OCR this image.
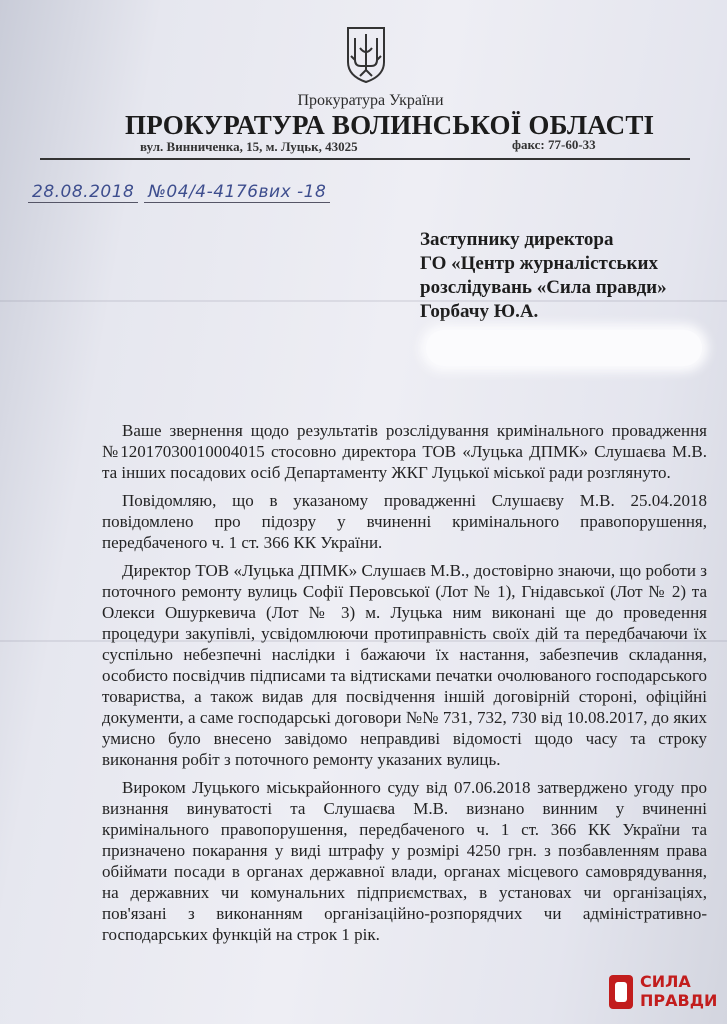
Прокуратура України
ПРОКУРАТУРА ВОЛИНСЬКОЇ ОБЛАСТІ
вул. Винниченка, 15, м. Луцьк, 43025	факс: 77-60-33
28.08.2018 №04/4-4176вих -18
Заступнику директора
ГО «Центр журналістських
розслідувань «Сила правди»
Горбачу Ю.А.

Ваше звернення щодо результатів розслідування кримінального провадження №12017030010004015 стосовно директора ТОВ «Луцька ДПМК» Слушаєва М.В. та інших посадових осіб Департаменту ЖКГ Луцької міської ради розглянуто.

Повідомляю, що в указаному провадженні Слушаєву М.В. 25.04.2018 повідомлено про підозру у вчиненні кримінального правопорушення, передбаченого ч. 1 ст. 366 КК України.

Директор ТОВ «Луцька ДПМК» Слушаєв М.В., достовірно знаючи, що роботи з поточного ремонту вулиць Софії Перовської (Лот № 1), Гнідавської (Лот № 2) та Олекси Ошуркевича (Лот № 3) м. Луцька ним виконані ще до проведення процедури закупівлі, усвідомлюючи протиправність своїх дій та передбачаючи їх суспільно небезпечні наслідки і бажаючи їх настання, забезпечив складання, особисто посвідчив підписами та відтисками печатки очолюваного господарського товариства, а також видав для посвідчення іншій договірній стороні, офіційні документи, а саме господарські договори №№ 731, 732, 730 від 10.08.2017, до яких умисно було внесено завідомо неправдиві відомості щодо часу та строку виконання робіт з поточного ремонту указаних вулиць.

Вироком Луцького міськрайонного суду від 07.06.2018 затверджено угоду про визнання винуватості та Слушаєва М.В. визнано винним у вчиненні кримінального правопорушення, передбаченого ч. 1 ст. 366 КК України та призначено покарання у виді штрафу у розмірі 4250 грн. з позбавленням права обіймати посади в органах державної влади, органах місцевого самоврядування, на державних чи комунальних підприємствах, в установах чи організаціях, пов'язані з виконанням організаційно-розпорядчих чи адміністративно-господарських функцій на строк 1 рік.

СИЛА
ПРАВДИ
